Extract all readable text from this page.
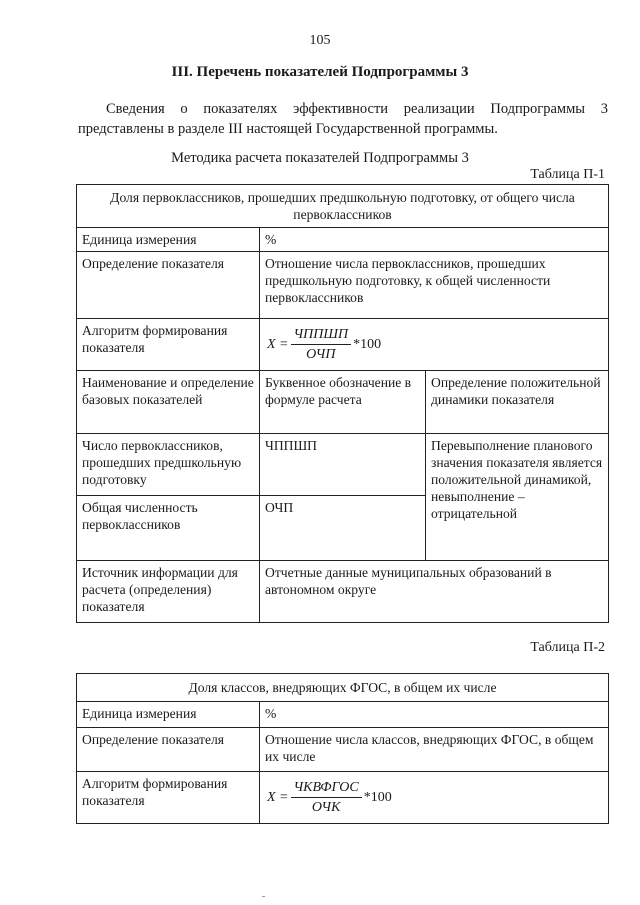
105
III. Перечень показателей Подпрограммы 3
Сведения о показателях эффективности реализации Подпрограммы 3
представлены в разделе III настоящей Государственной программы.
Методика расчета показателей Подпрограммы 3
Таблица П-1
Доля первоклассников, прошедших предшкольную подготовку, от общего числа первоклассников		
Единица измерения	%	
Определение показателя	Отношение числа первоклассников, прошедших предшкольную подготовку, к общей численности первоклассников	
Алгоритм формирования показателя	$X = \frac{\text{ЧППШП}}{\text{ОЧП}} *100$	

Наименование и определение базовых показателей	Буквенное обозначение в формуле расчета	Определение положительной динамики показателя
Число первоклассников, прошедших предшкольную подготовку	ЧППШП	Перевыполнение планового значения показателя является положительной динамикой, невыполнение – отрицательной
Общая численность первоклассников	ОЧП	
Источник информации для расчета (определения) показателя	Отчетные данные муниципальных образований в автономном округе	
Таблица П-2
Доля классов, внедряющих ФГОС, в общем их числе	
Единица измерения	%
Определение показателя	Отношение числа классов, внедряющих ФГОС, в общем их числе
Алгоритм формирования показателя	$X = \frac{\text{ЧКВФГОС}}{\text{ОЧК}} *100$
